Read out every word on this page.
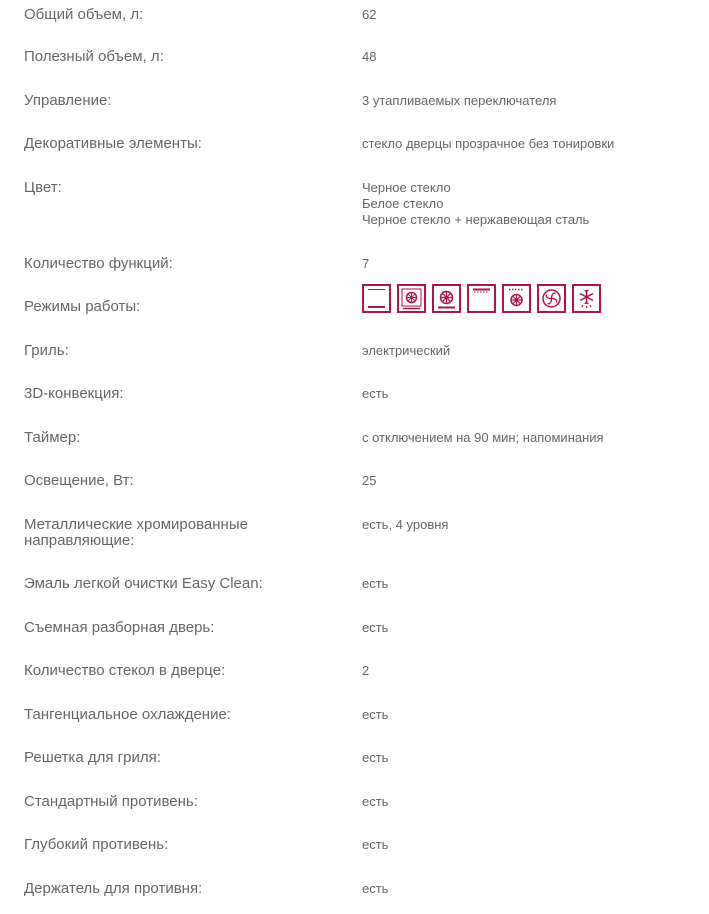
Общий объем, л:	62
Полезный объем, л:	48
Управление:	3 утапливаемых переключателя
Декоративные элементы:	стекло дверцы прозрачное без тонировки
Цвет:	Черное стекло
Белое стекло
Черное стекло + нержавеющая сталь
Количество функций:	7
Режимы работы:
Гриль:	электрический
3D-конвекция:	есть
Таймер:	с отключением на 90 мин; напоминания
Освещение, Вт:	25
Металлические хромированные
направляющие:
есть, 4 уровня
Эмаль легкой очистки Easy Clean:	есть
Съемная разборная дверь:	есть
Количество стекол в дверце:	2
Тангенциальное охлаждение:	есть
Решетка для гриля:	есть
Стандартный противень:	есть
Глубокий противень:	есть
Держатель для противня:	есть
